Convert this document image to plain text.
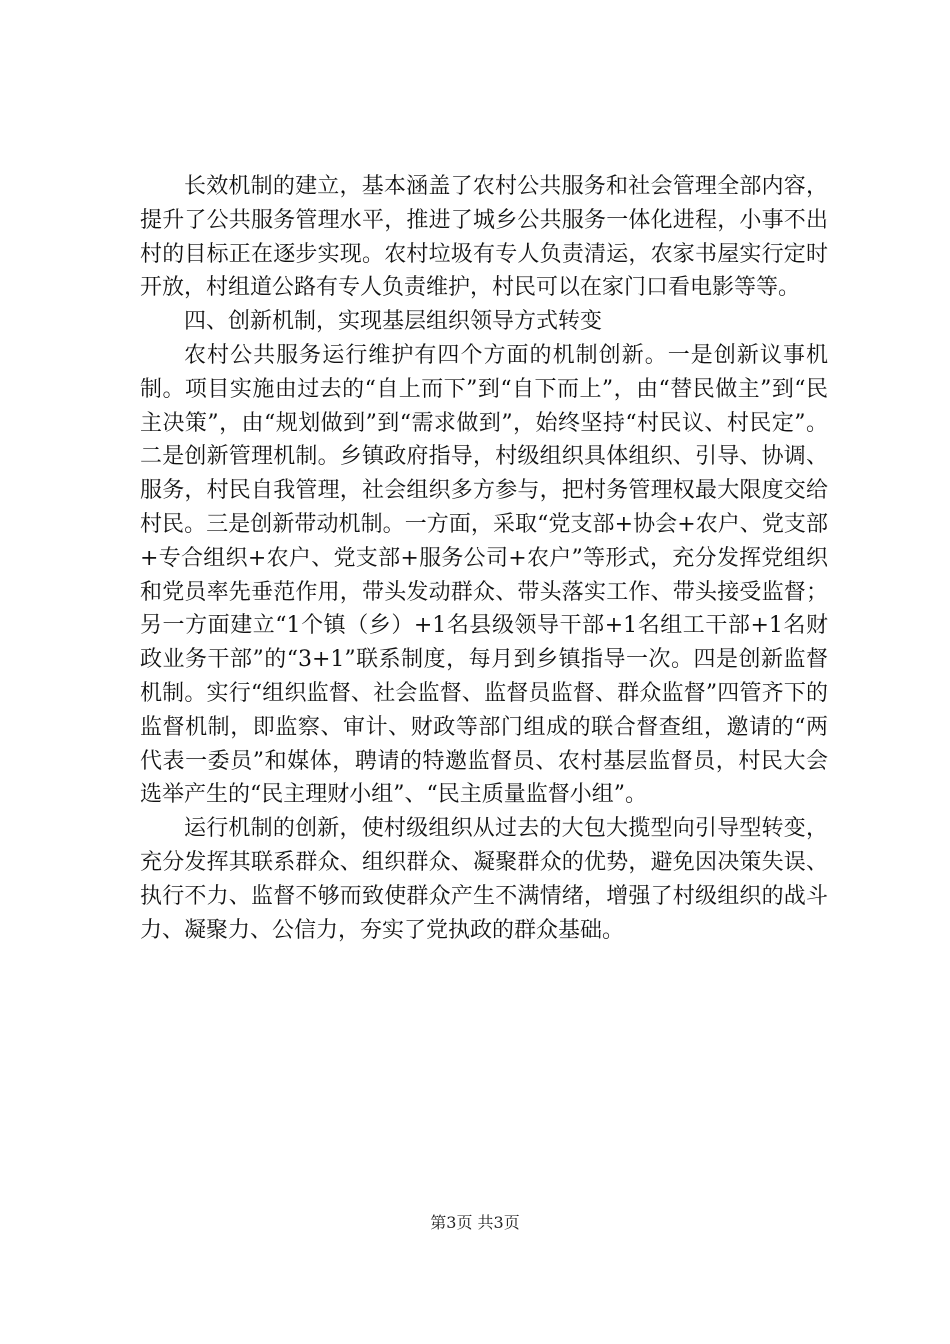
长效机制的建立，基本涵盖了农村公共服务和社会管理全部内容，提升了公共服务管理水平，推进了城乡公共服务一体化进程，小事不出村的目标正在逐步实现。农村垃圾有专人负责清运，农家书屋实行定时开放，村组道公路有专人负责维护，村民可以在家门口看电影等等。

四、创新机制，实现基层组织领导方式转变

农村公共服务运行维护有四个方面的机制创新。一是创新议事机制。项目实施由过去的“自上而下”到“自下而上”，由“替民做主”到“民主决策”，由“规划做到”到“需求做到”，始终坚持“村民议、村民定”。二是创新管理机制。乡镇政府指导，村级组织具体组织、引导、协调、服务，村民自我管理，社会组织多方参与，把村务管理权最大限度交给村民。三是创新带动机制。一方面，采取“党支部+协会+农户、党支部+专合组织+农户、党支部+服务公司+农户”等形式，充分发挥党组织和党员率先垂范作用，带头发动群众、带头落实工作、带头接受监督；另一方面建立“1个镇（乡）+1名县级领导干部+1名组工干部+1名财政业务干部”的“3+1”联系制度，每月到乡镇指导一次。四是创新监督机制。实行“组织监督、社会监督、监督员监督、群众监督”四管齐下的监督机制，即监察、审计、财政等部门组成的联合督查组，邀请的“两代表一委员”和媒体，聘请的特邀监督员、农村基层监督员，村民大会选举产生的“民主理财小组”、“民主质量监督小组”。

运行机制的创新，使村级组织从过去的大包大揽型向引导型转变，充分发挥其联系群众、组织群众、凝聚群众的优势，避免因决策失误、执行不力、监督不够而致使群众产生不满情绪，增强了村级组织的战斗力、凝聚力、公信力，夯实了党执政的群众基础。

第3页 共3页
